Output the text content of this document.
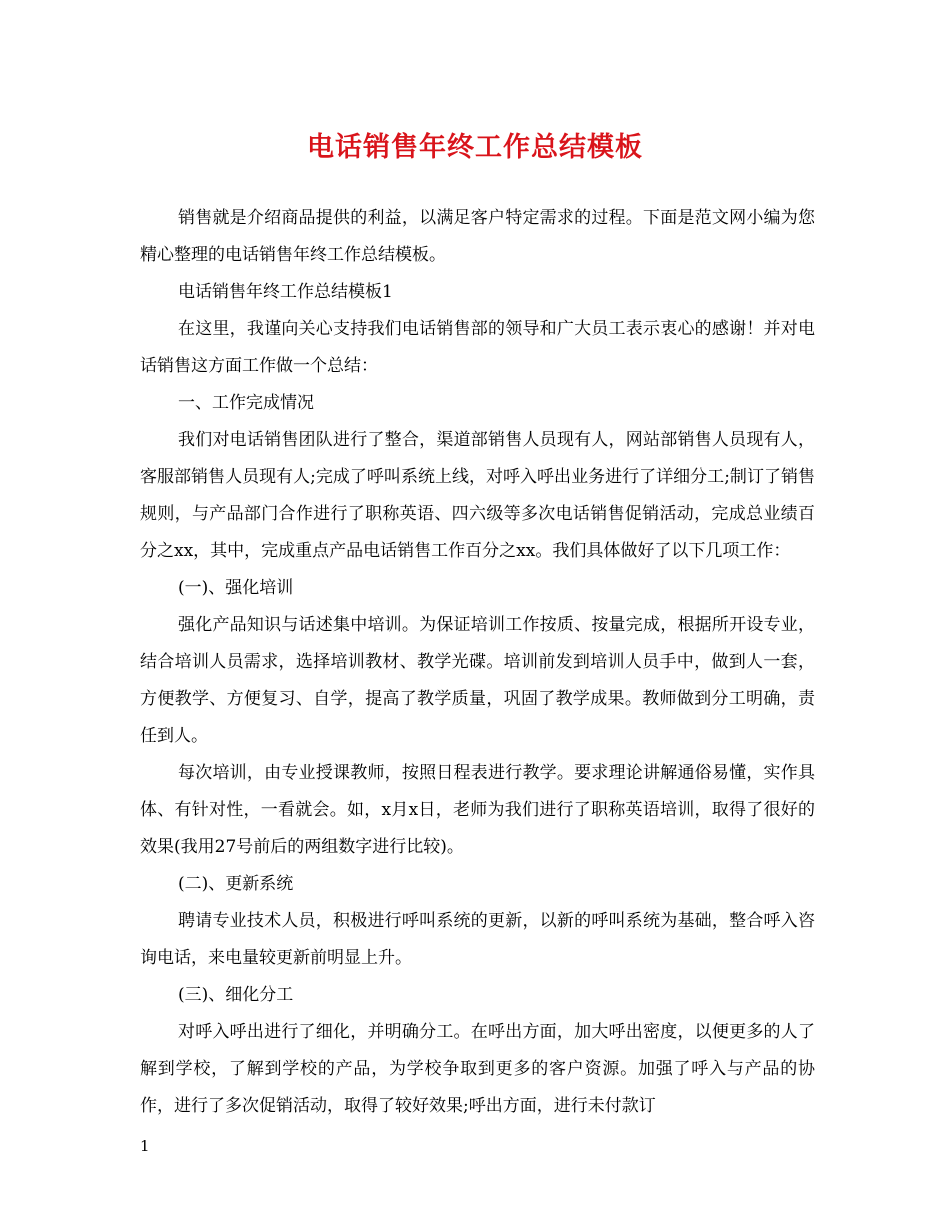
电话销售年终工作总结模板

销售就是介绍商品提供的利益，以满足客户特定需求的过程。下面是范文网小编为您精心整理的电话销售年终工作总结模板。

电话销售年终工作总结模板1

在这里，我谨向关心支持我们电话销售部的领导和广大员工表示衷心的感谢！并对电话销售这方面工作做一个总结：

一、工作完成情况

我们对电话销售团队进行了整合，渠道部销售人员现有人，网站部销售人员现有人，客服部销售人员现有人;完成了呼叫系统上线，对呼入呼出业务进行了详细分工;制订了销售规则，与产品部门合作进行了职称英语、四六级等多次电话销售促销活动，完成总业绩百分之xx，其中，完成重点产品电话销售工作百分之xx。我们具体做好了以下几项工作：

(一)、强化培训

强化产品知识与话述集中培训。为保证培训工作按质、按量完成，根据所开设专业，结合培训人员需求，选择培训教材、教学光碟。培训前发到培训人员手中，做到人一套，方便教学、方便复习、自学，提高了教学质量，巩固了教学成果。教师做到分工明确，责任到人。

每次培训，由专业授课教师，按照日程表进行教学。要求理论讲解通俗易懂，实作具体、有针对性，一看就会。如，x月x日，老师为我们进行了职称英语培训，取得了很好的效果(我用27号前后的两组数字进行比较)。

(二)、更新系统

聘请专业技术人员，积极进行呼叫系统的更新，以新的呼叫系统为基础，整合呼入咨询电话，来电量较更新前明显上升。

(三)、细化分工

对呼入呼出进行了细化，并明确分工。在呼出方面，加大呼出密度，以便更多的人了解到学校，了解到学校的产品，为学校争取到更多的客户资源。加强了呼入与产品的协作，进行了多次促销活动，取得了较好效果;呼出方面，进行未付款订

1
